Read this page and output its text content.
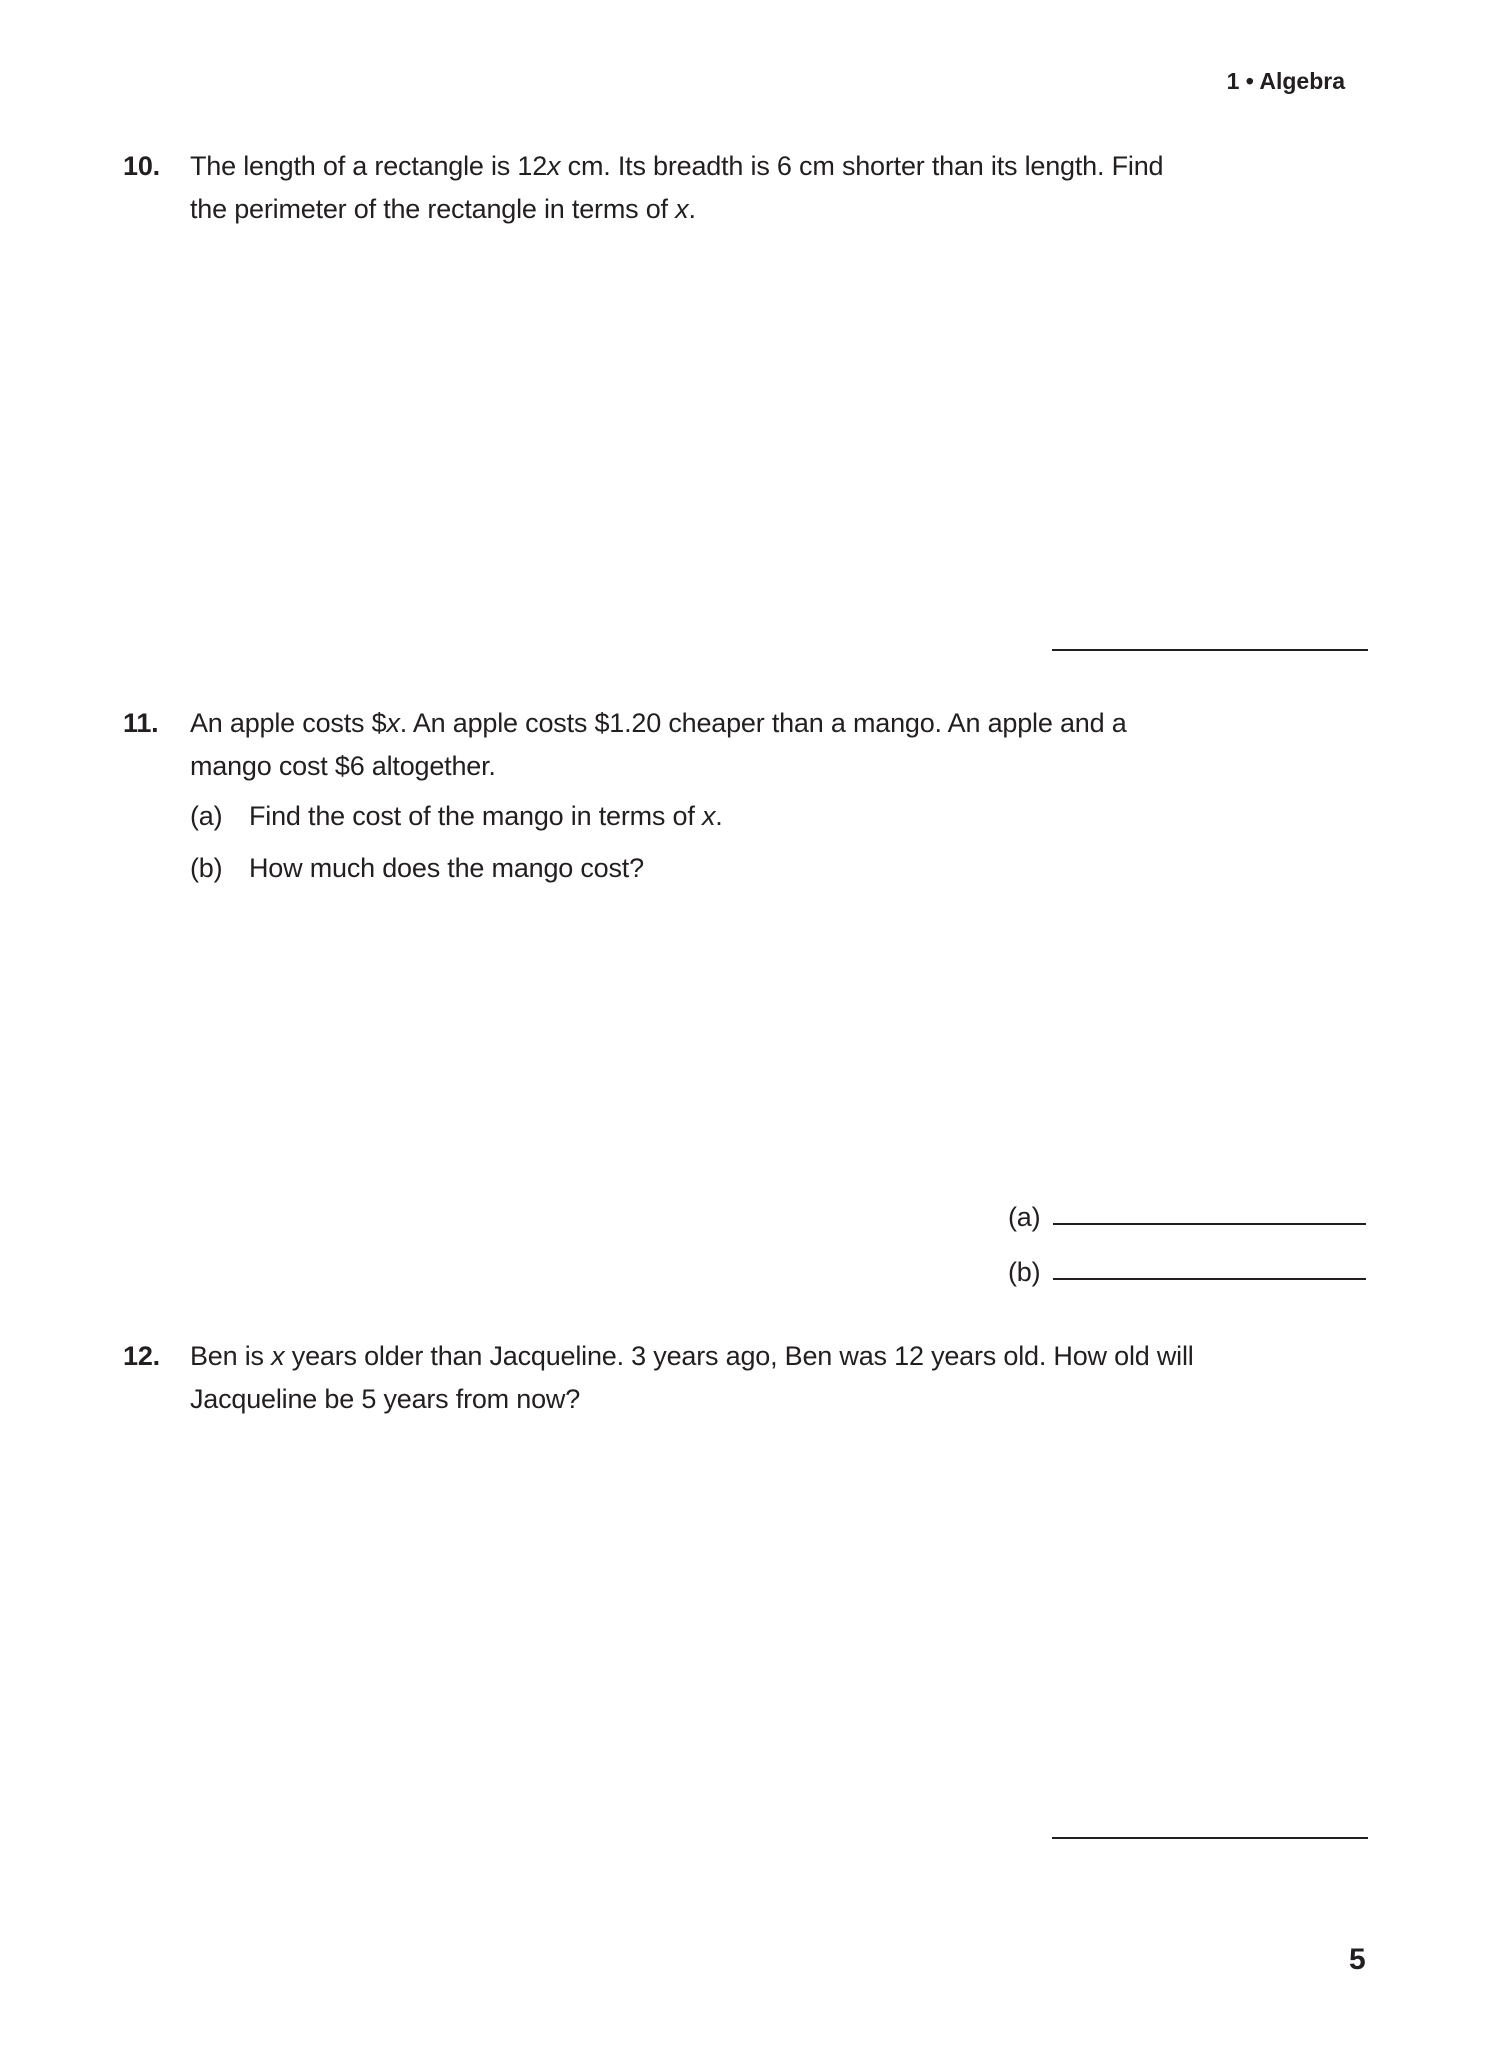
1 • Algebra
10. The length of a rectangle is 12x cm. Its breadth is 6 cm shorter than its length. Find
the perimeter of the rectangle in terms of x.
11. An apple costs $x. An apple costs $1.20 cheaper than a mango. An apple and a
mango cost $6 altogether.
(a) Find the cost of the mango in terms of x.
(b) How much does the mango cost?
(a)
(b)
12. Ben is x years older than Jacqueline. 3 years ago, Ben was 12 years old. How old will
Jacqueline be 5 years from now?
5
